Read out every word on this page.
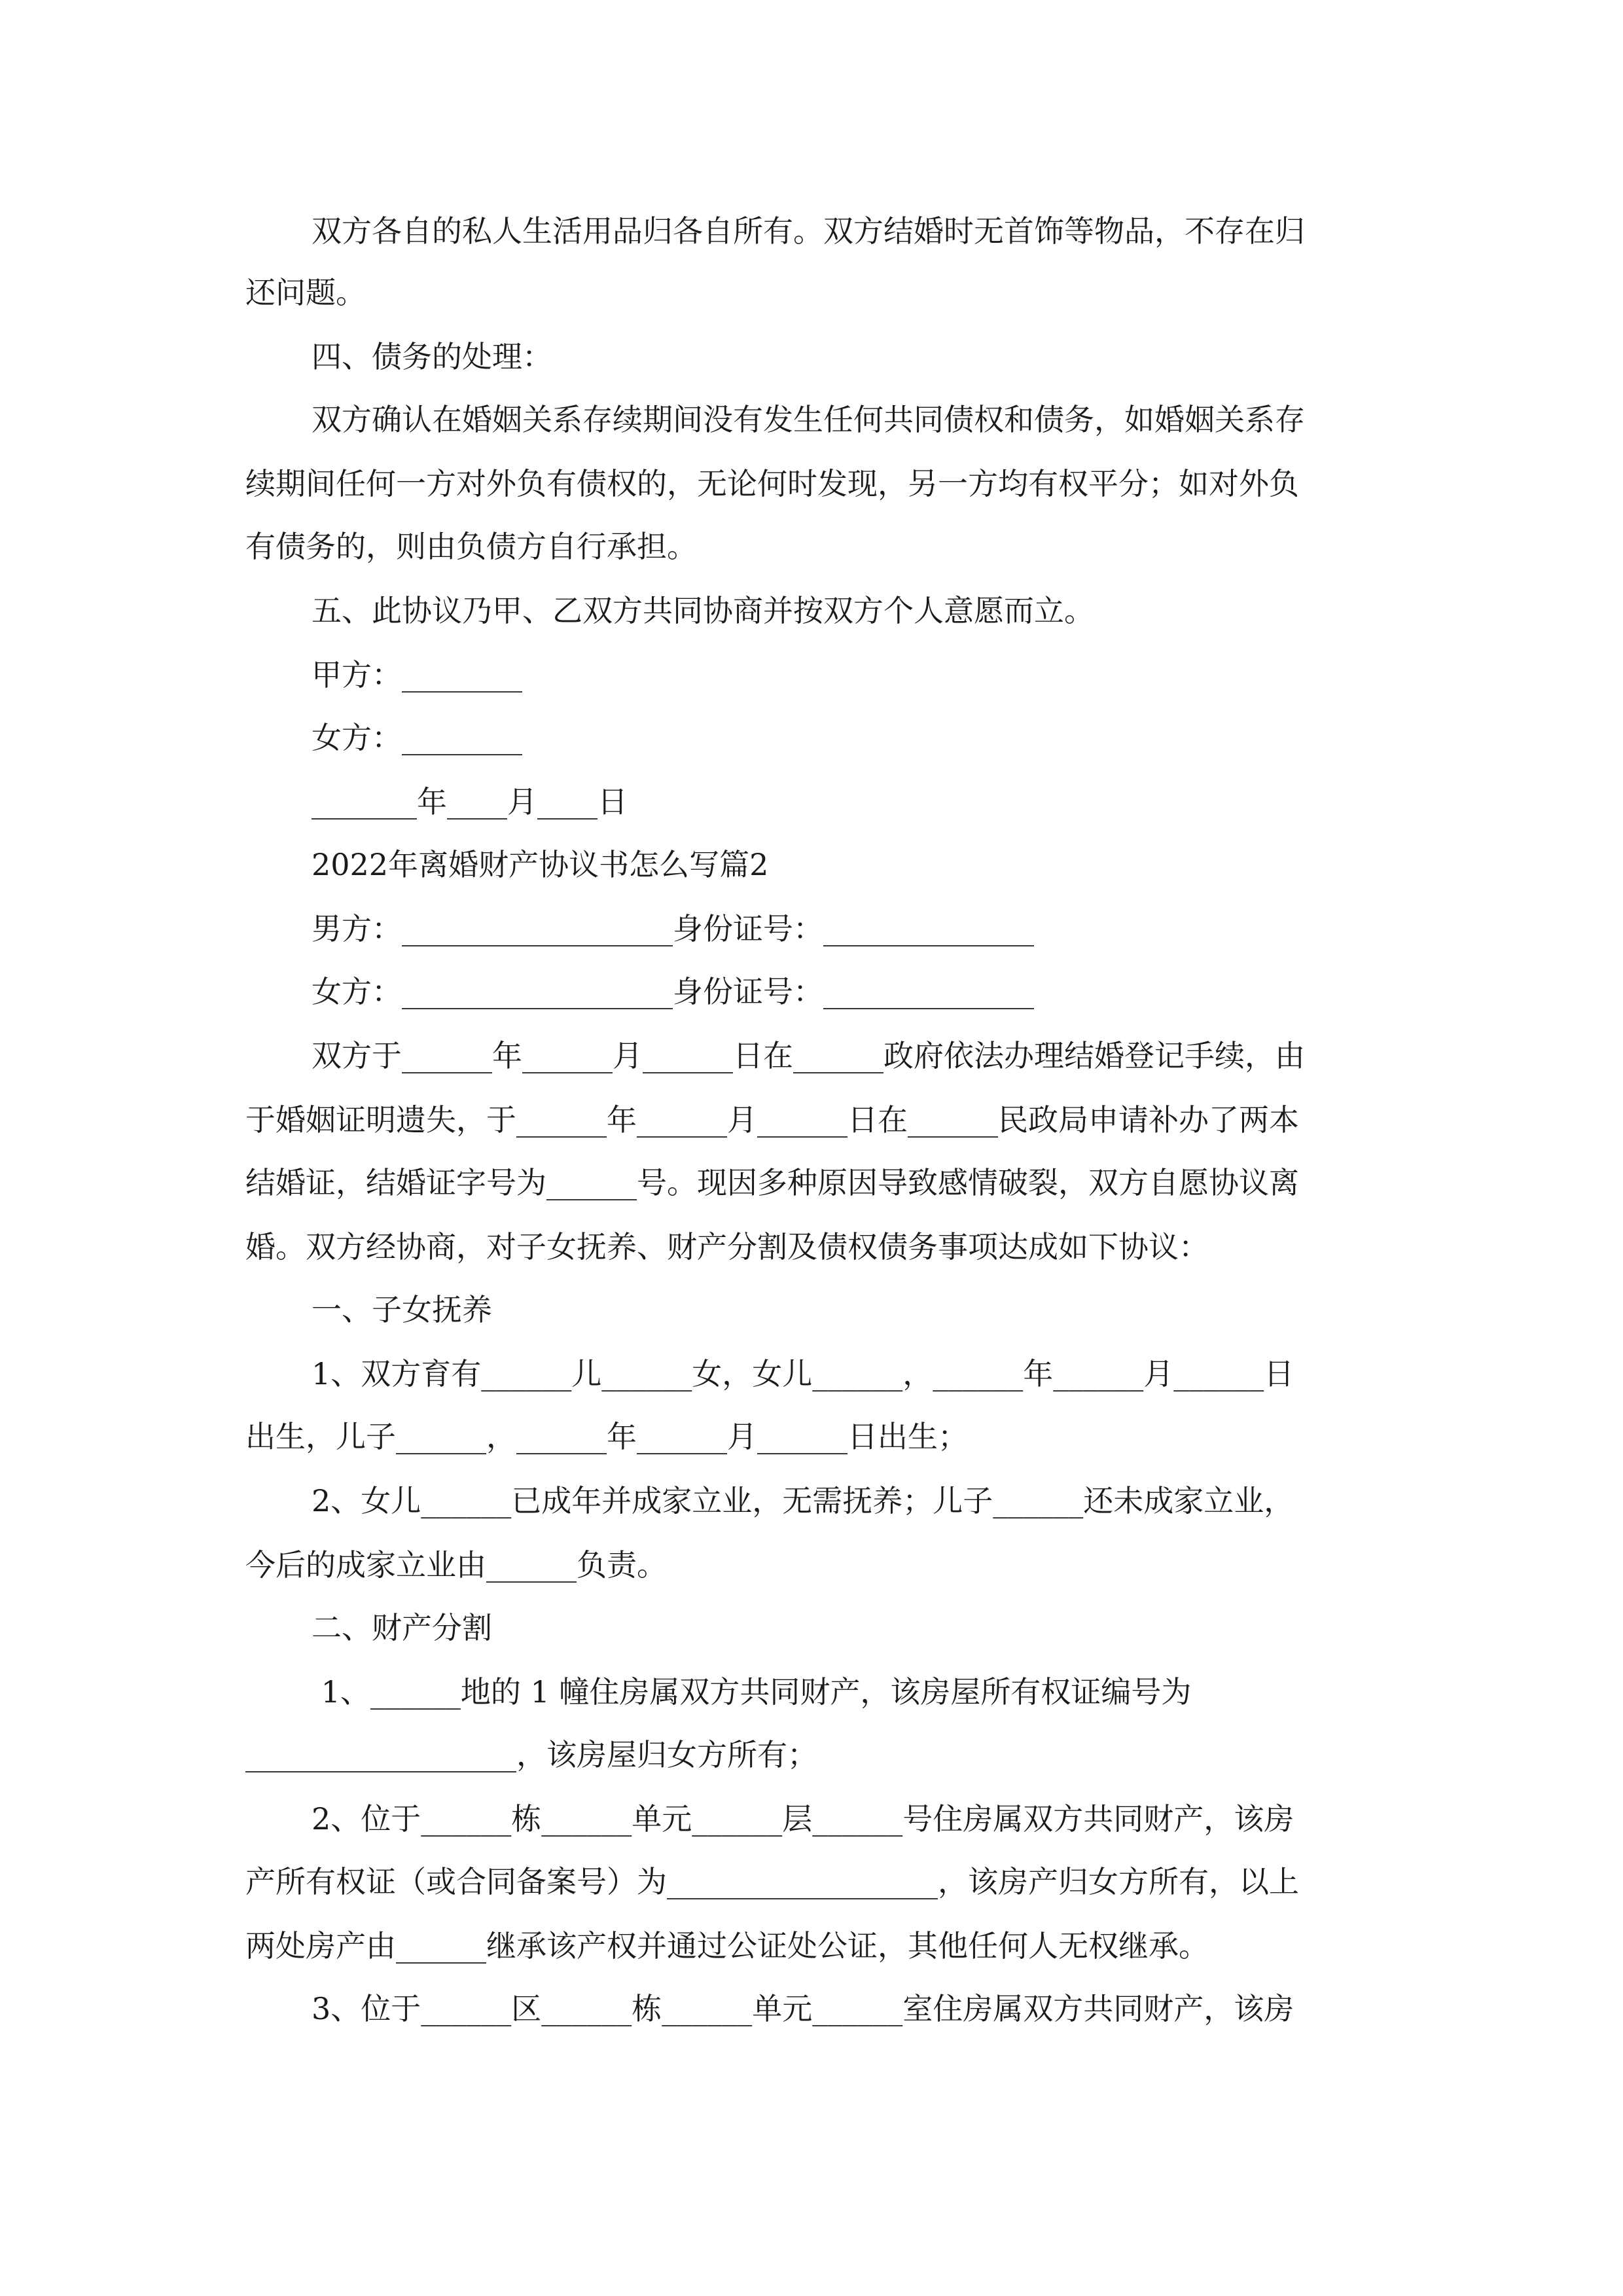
双方各自的私人生活用品归各自所有。双方结婚时无首饰等物品，不存在归
还问题。
四、债务的处理：
双方确认在婚姻关系存续期间没有发生任何共同债权和债务，如婚姻关系存
续期间任何一方对外负有债权的，无论何时发现，另一方均有权平分；如对外负
有债务的，则由负债方自行承担。
五、此协议乃甲、乙双方共同协商并按双方个人意愿而立。
甲方：________
女方：________
_______年____月____日
2022年离婚财产协议书怎么写篇2
男方：__________________身份证号：______________
女方：__________________身份证号：______________
双方于______年______月______日在______政府依法办理结婚登记手续，由
于婚姻证明遗失，于______年______月______日在______民政局申请补办了两本
结婚证，结婚证字号为______号。现因多种原因导致感情破裂，双方自愿协议离
婚。双方经协商，对子女抚养、财产分割及债权债务事项达成如下协议：
一、子女抚养
1、双方育有______儿______女，女儿______，______年______月______日
出生，儿子______，______年______月______日出生；
2、女儿______已成年并成家立业，无需抚养；儿子______还未成家立业，
今后的成家立业由______负责。
二、财产分割
1、______地的 1 幢住房属双方共同财产，该房屋所有权证编号为
__________________，该房屋归女方所有；
2、位于______栋______单元______层______号住房属双方共同财产，该房
产所有权证（或合同备案号）为__________________，该房产归女方所有，以上
两处房产由______继承该产权并通过公证处公证，其他任何人无权继承。
3、位于______区______栋______单元______室住房属双方共同财产，该房
